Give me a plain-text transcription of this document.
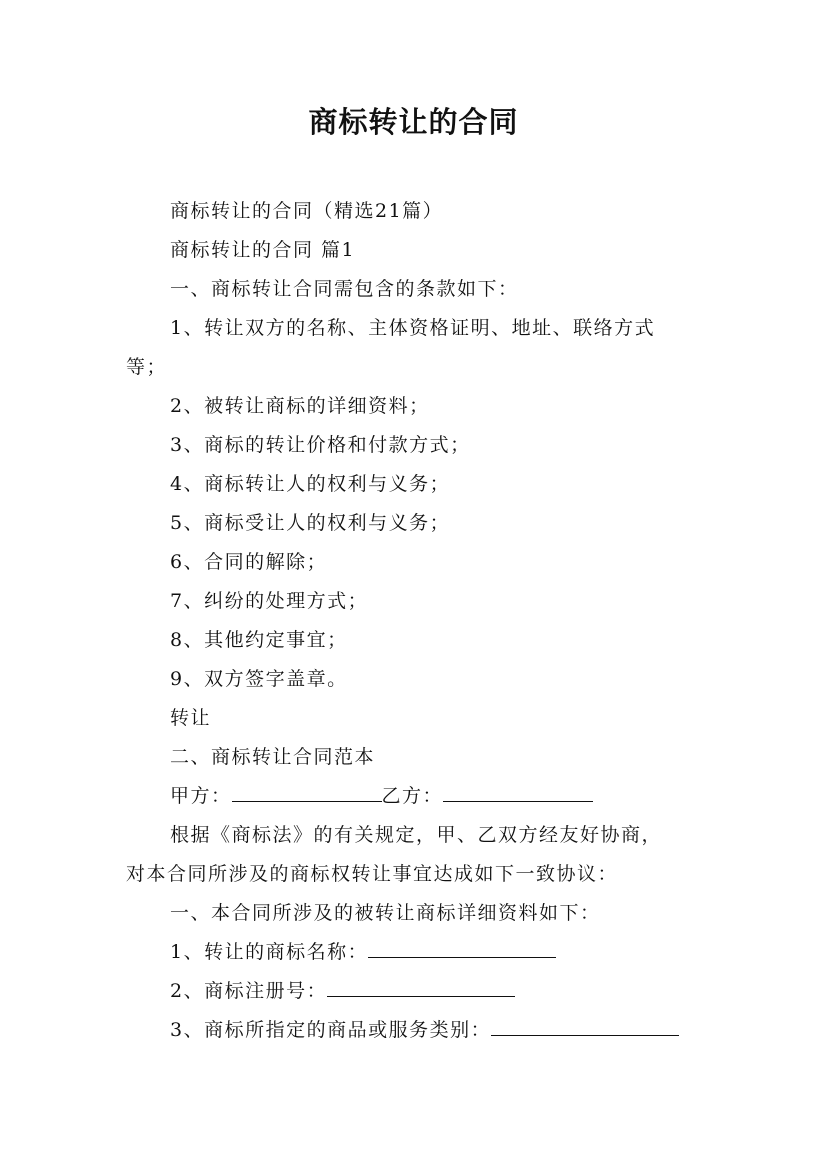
商标转让的合同
商标转让的合同（精选21篇）
商标转让的合同 篇1
一、商标转让合同需包含的条款如下：
1、转让双方的名称、主体资格证明、地址、联络方式
等；
2、被转让商标的详细资料；
3、商标的转让价格和付款方式；
4、商标转让人的权利与义务；
5、商标受让人的权利与义务；
6、合同的解除；
7、纠纷的处理方式；
8、其他约定事宜；
9、双方签字盖章。
转让
二、商标转让合同范本
甲方：	乙方：
根据《商标法》的有关规定，甲、乙双方经友好协商，
对本合同所涉及的商标权转让事宜达成如下一致协议：
一、本合同所涉及的被转让商标详细资料如下：
1、转让的商标名称：
2、商标注册号：
3、商标所指定的商品或服务类别：
